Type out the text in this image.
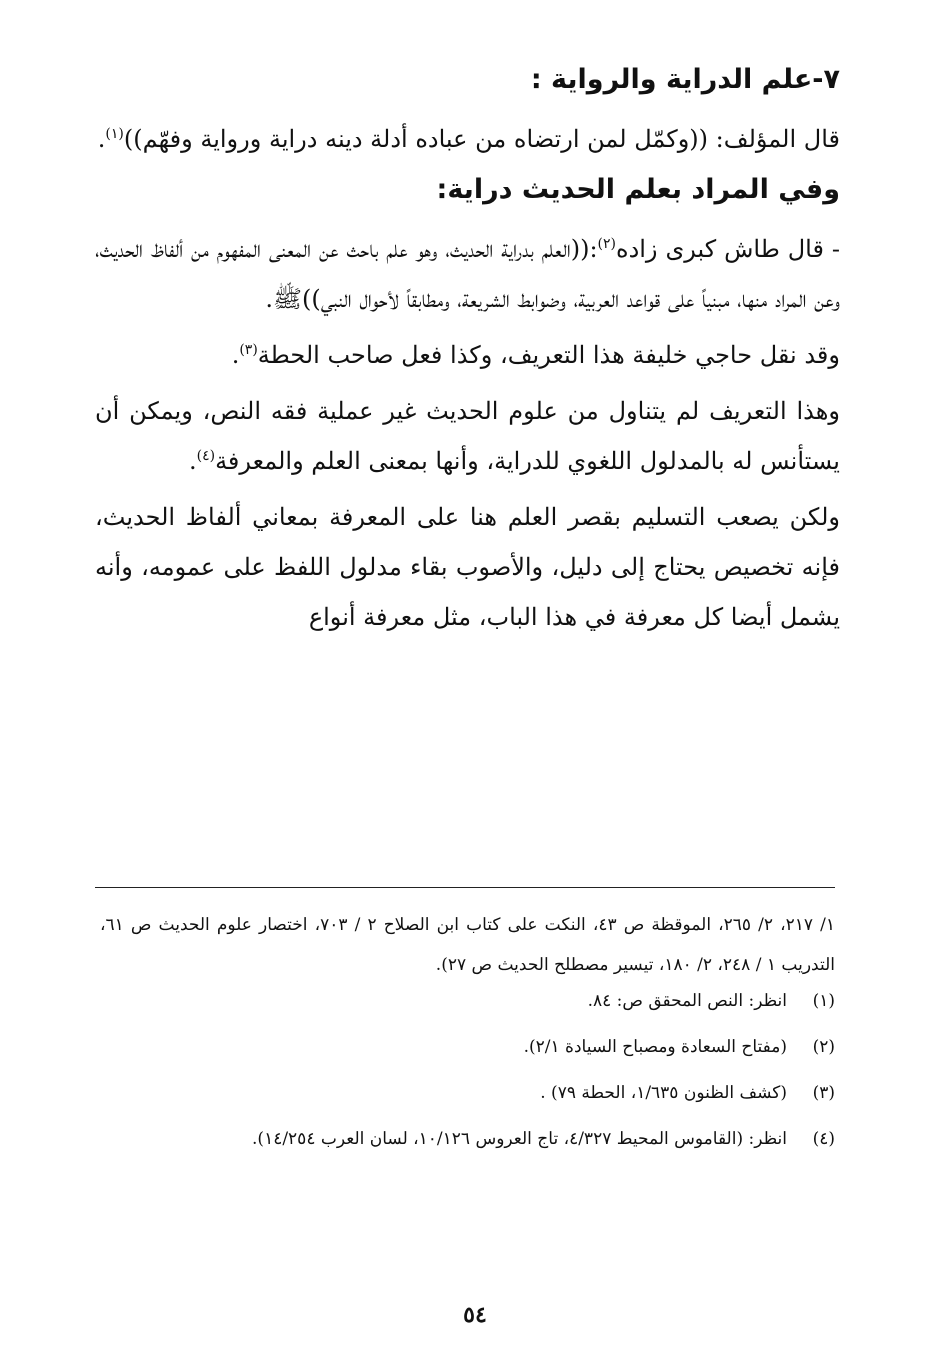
٧-علم الدراية والرواية :

قال المؤلف: ((وكمّل لمن ارتضاه من عباده أدلة دينه دراية ورواية وفهّم))$^{(١)}$.

وفي المراد بعلم الحديث دراية:

- قال طاش كبرى زاده$^{(٢)}$:((العلم بدراية الحديث، وهو علم باحث عن المعنى المفهوم من ألفاظ الحديث، وعن المراد منها، مبنياً على قواعد العربية، وضوابط الشريعة، ومطابقاً لأحوال النبي))ﷺ.

وقد نقل حاجي خليفة هذا التعريف، وكذا فعل صاحب الحطة$^{(٣)}$.

وهذا التعريف لم يتناول من علوم الحديث غير عملية فقه النص، ويمكن أن يستأنس له بالمدلول اللغوي للدراية، وأنها بمعنى العلم والمعرفة$^{(٤)}$.

ولكن يصعب التسليم بقصر العلم هنا على المعرفة بمعاني ألفاظ الحديث، فإنه تخصيص يحتاج إلى دليل، والأصوب بقاء مدلول اللفظ على عمومه، وأنه يشمل أيضا كل معرفة في هذا الباب، مثل معرفة أنواع

١/ ٢١٧، ٢/ ٢٦٥، الموقظة ص ٤٣، النكت على كتاب ابن الصلاح ٢ / ٧٠٣، اختصار علوم الحديث ص ٦١، التدريب ١ / ٢٤٨، ٢/ ١٨٠، تيسير مصطلح الحديث ص ٢٧).

(١)
انظر: النص المحقق ص: ٨٤.
(٢)
(مفتاح السعادة ومصباح السيادة ٢/١).
(٣)
(كشف الظنون ١/٦٣٥، الحطة ٧٩) .
(٤)
انظر: (القاموس المحيط ٤/٣٢٧، تاج العروس ١٠/١٢٦، لسان العرب ١٤/٢٥٤).
٥٤
